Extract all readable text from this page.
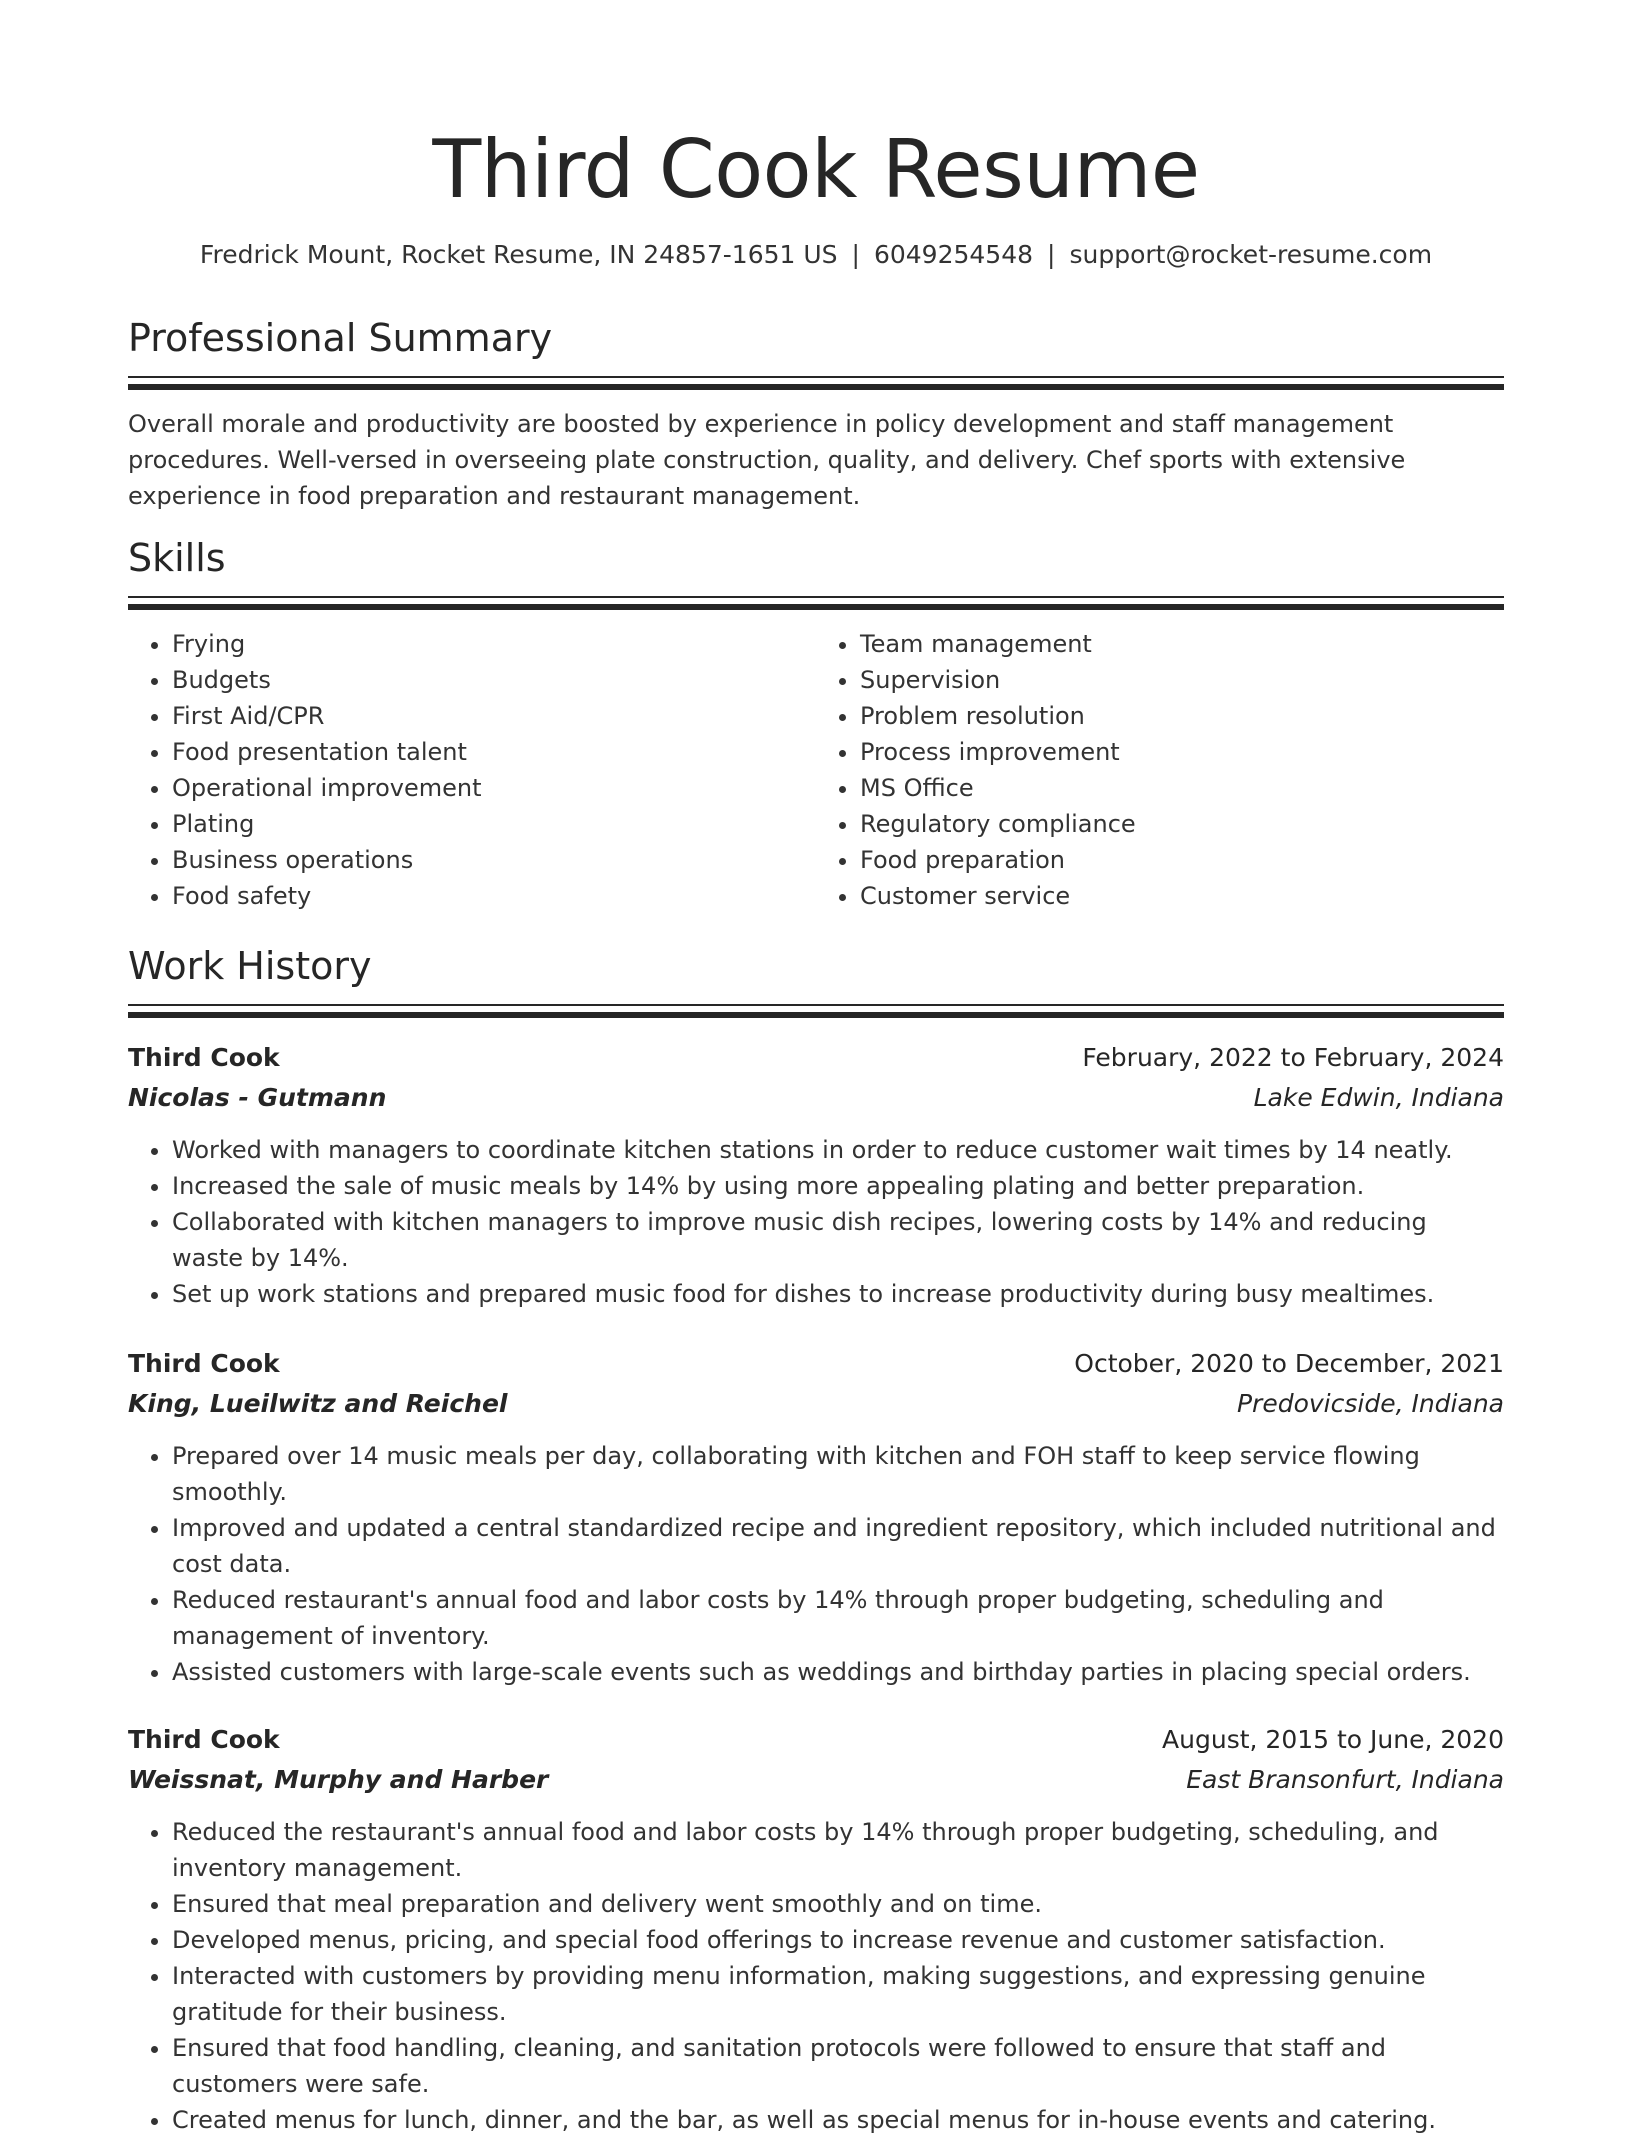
Third Cook Resume
Fredrick Mount, Rocket Resume, IN 24857-1651 US | 6049254548 | support@rocket-resume.com
Professional Summary
Overall morale and productivity are boosted by experience in policy development and staff management procedures. Well-versed in overseeing plate construction, quality, and delivery. Chef sports with extensive experience in food preparation and restaurant management.
Skills
• Frying
• Budgets
• First Aid/CPR
• Food presentation talent
• Operational improvement
• Plating
• Business operations
• Food safety
• Team management
• Supervision
• Problem resolution
• Process improvement
• MS Office
• Regulatory compliance
• Food preparation
• Customer service
Work History
Third Cook	February, 2022 to February, 2024
Nicolas - Gutmann	Lake Edwin, Indiana
• Worked with managers to coordinate kitchen stations in order to reduce customer wait times by 14 neatly.
• Increased the sale of music meals by 14% by using more appealing plating and better preparation.
• Collaborated with kitchen managers to improve music dish recipes, lowering costs by 14% and reducing waste by 14%.
• Set up work stations and prepared music food for dishes to increase productivity during busy mealtimes.
Third Cook	October, 2020 to December, 2021
King, Lueilwitz and Reichel	Predovicside, Indiana
• Prepared over 14 music meals per day, collaborating with kitchen and FOH staff to keep service flowing smoothly.
• Improved and updated a central standardized recipe and ingredient repository, which included nutritional and cost data.
• Reduced restaurant's annual food and labor costs by 14% through proper budgeting, scheduling and management of inventory.
• Assisted customers with large-scale events such as weddings and birthday parties in placing special orders.
Third Cook	August, 2015 to June, 2020
Weissnat, Murphy and Harber	East Bransonfurt, Indiana
• Reduced the restaurant's annual food and labor costs by 14% through proper budgeting, scheduling, and inventory management.
• Ensured that meal preparation and delivery went smoothly and on time.
• Developed menus, pricing, and special food offerings to increase revenue and customer satisfaction.
• Interacted with customers by providing menu information, making suggestions, and expressing genuine gratitude for their business.
• Ensured that food handling, cleaning, and sanitation protocols were followed to ensure that staff and customers were safe.
• Created menus for lunch, dinner, and the bar, as well as special menus for in-house events and catering.
